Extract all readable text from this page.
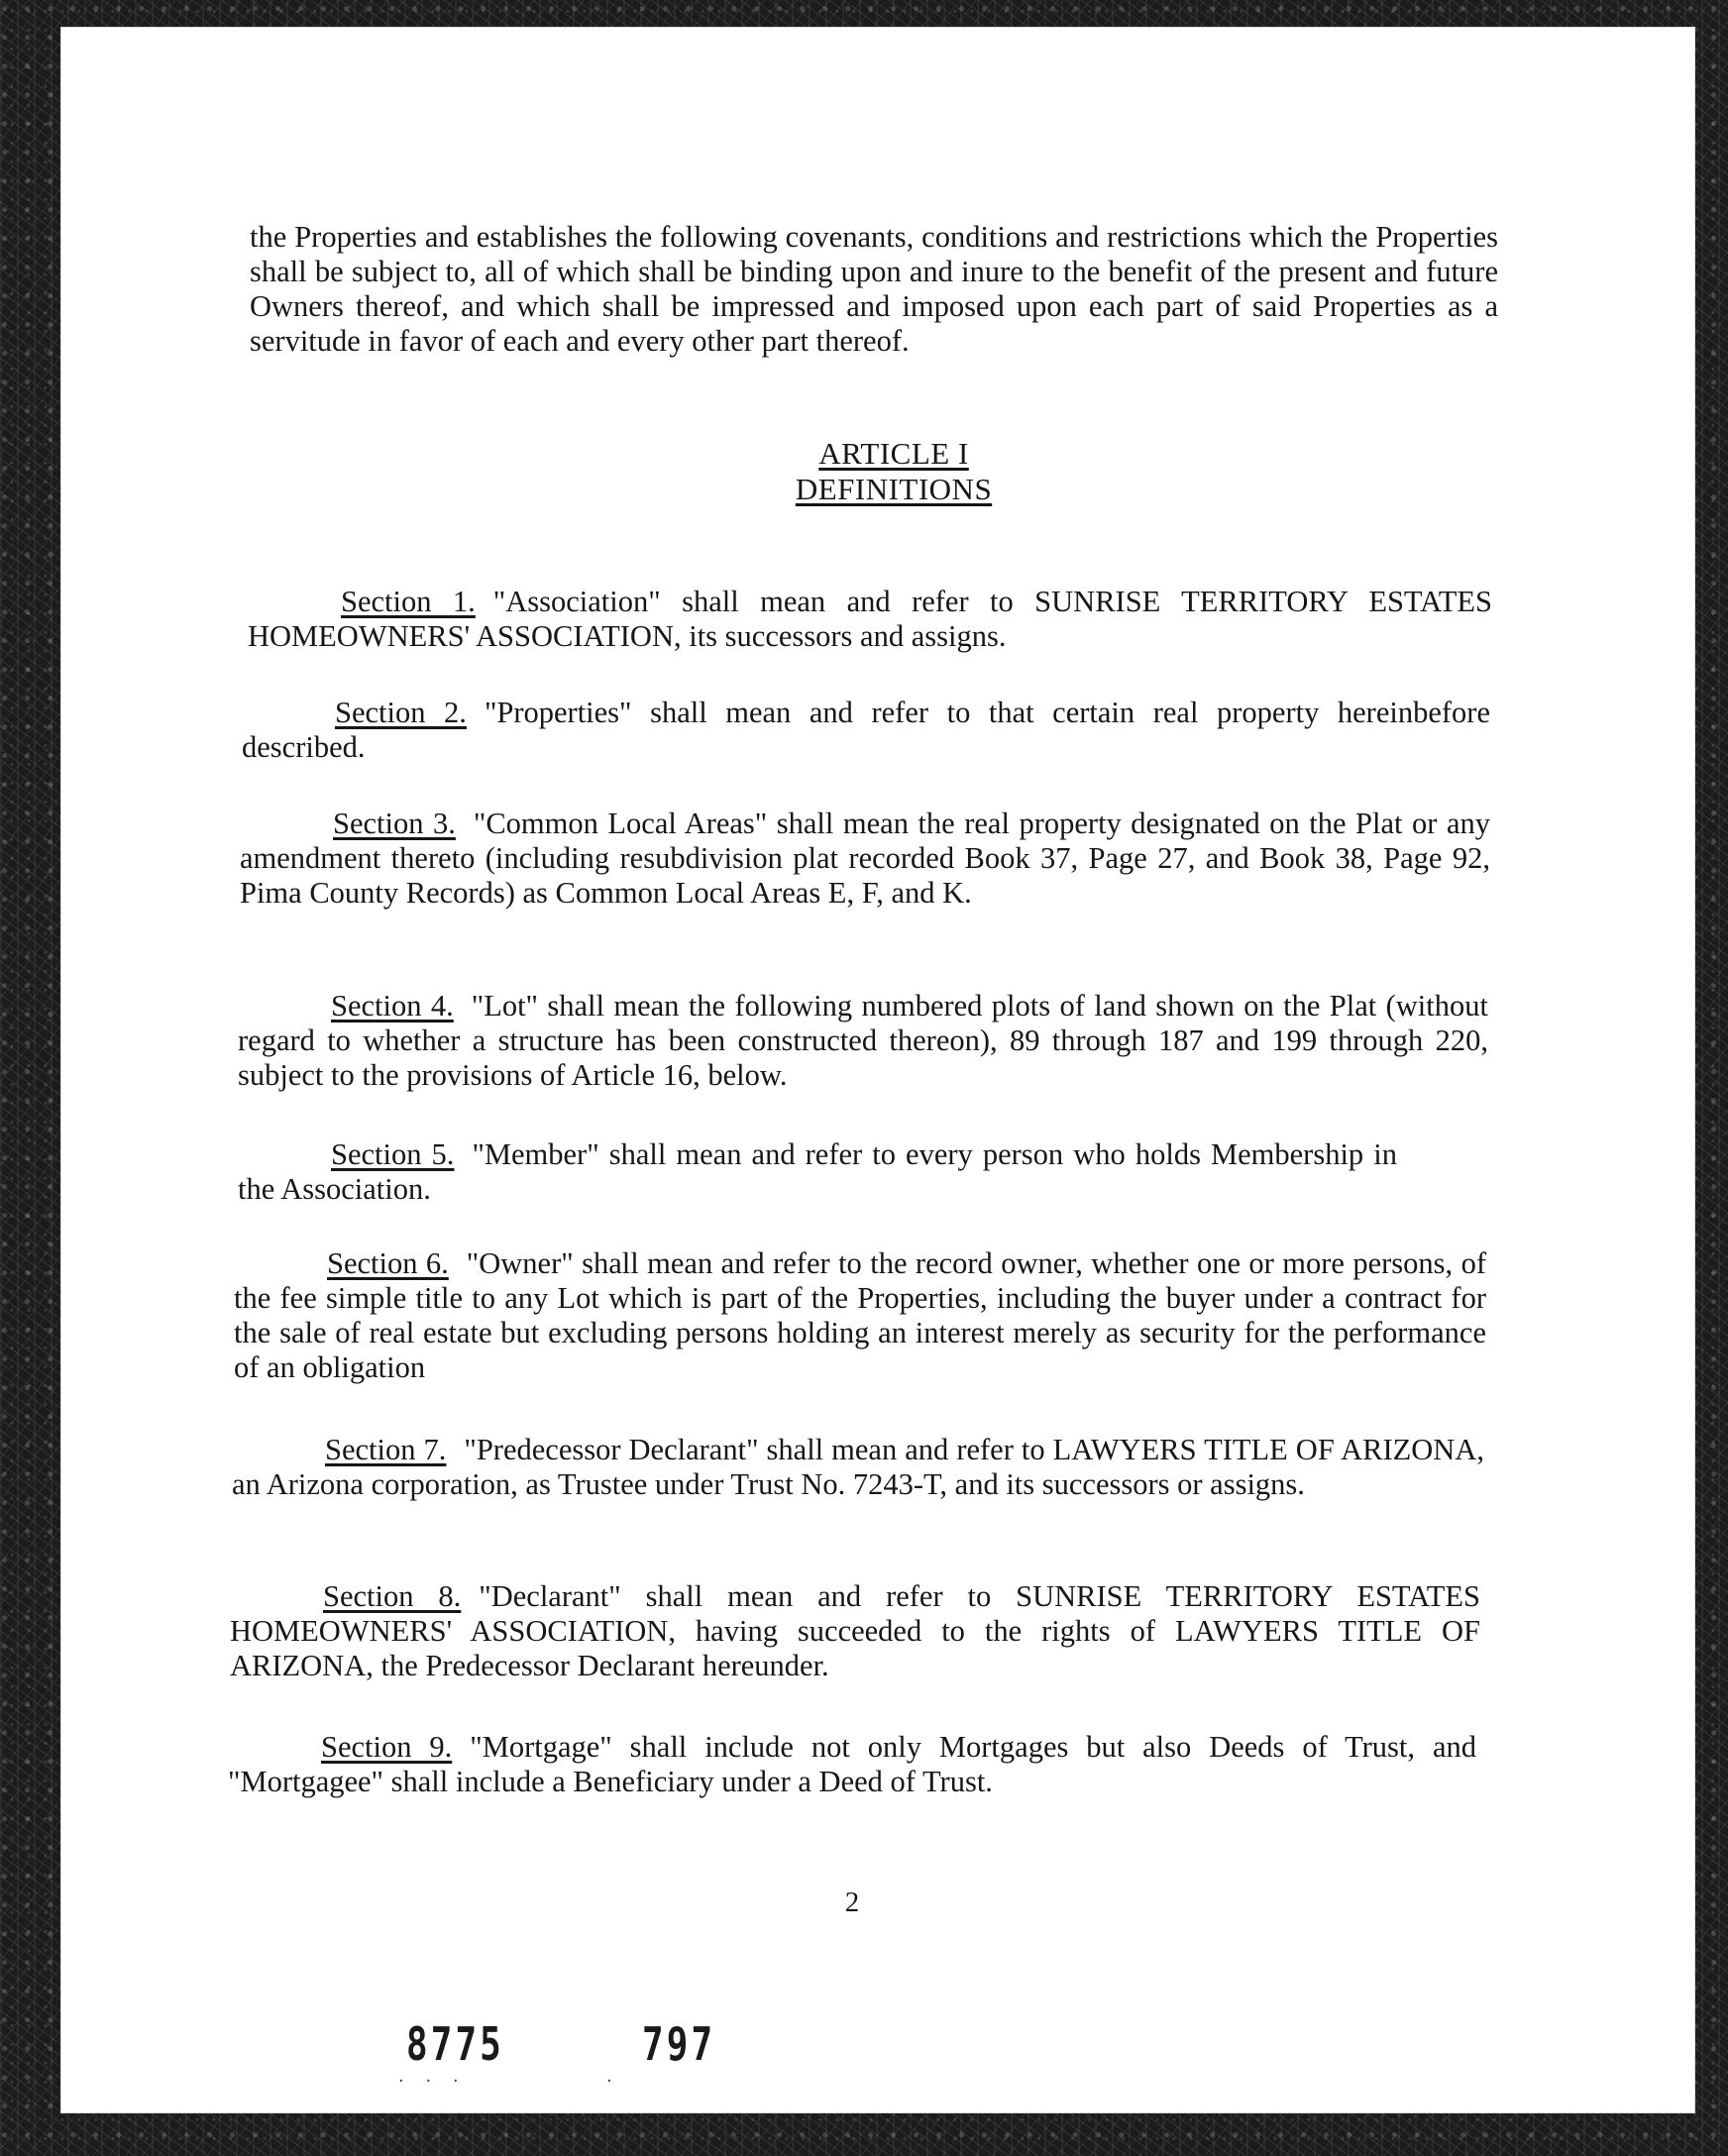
the Properties and establishes the following covenants, conditions and restrictions which the Properties shall be subject to, all of which shall be binding upon and inure to the benefit of the present and future Owners thereof, and which shall be impressed and imposed upon each part of said Properties as a servitude in favor of each and every other part thereof.
ARTICLE I
DEFINITIONS

Section 1. "Association" shall mean and refer to SUNRISE TERRITORY ESTATES HOMEOWNERS' ASSOCIATION, its successors and assigns.

Section 2. "Properties" shall mean and refer to that certain real property hereinbefore described.

Section 3. "Common Local Areas" shall mean the real property designated on the Plat or any amendment thereto (including resubdivision plat recorded Book 37, Page 27, and Book 38, Page 92, Pima County Records) as Common Local Areas E, F, and K.

Section 4. "Lot" shall mean the following numbered plots of land shown on the Plat (without regard to whether a structure has been constructed thereon), 89 through 187 and 199 through 220, subject to the provisions of Article 16, below.

Section 5. "Member" shall mean and refer to every person who holds Membership in the Association.

Section 6. "Owner" shall mean and refer to the record owner, whether one or more persons, of the fee simple title to any Lot which is part of the Properties, including the buyer under a contract for the sale of real estate but excluding persons holding an interest merely as security for the performance of an obligation

Section 7. "Predecessor Declarant" shall mean and refer to LAWYERS TITLE OF ARIZONA, an Arizona corporation, as Trustee under Trust No. 7243-T, and its successors or assigns.

Section 8. "Declarant" shall mean and refer to SUNRISE TERRITORY ESTATES HOMEOWNERS' ASSOCIATION, having succeeded to the rights of LAWYERS TITLE OF ARIZONA, the Predecessor Declarant hereunder.

Section 9. "Mortgage" shall include not only Mortgages but also Deeds of Trust, and "Mortgagee" shall include a Beneficiary under a Deed of Trust.

2
8775	797
· · ·	·
